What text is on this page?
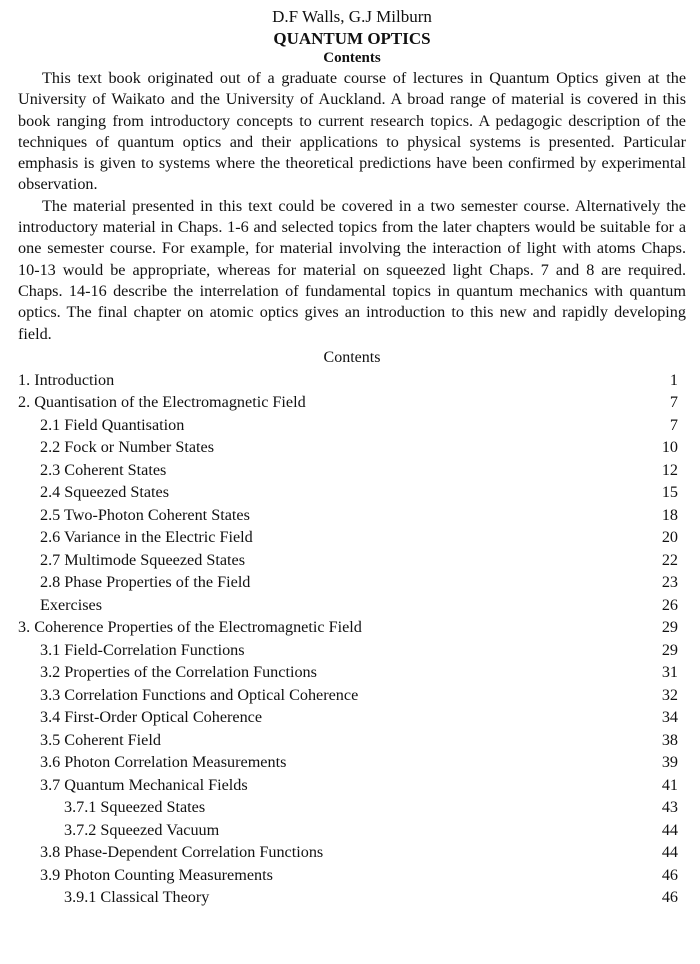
D.F Walls, G.J Milburn
QUANTUM OPTICS
Contents

This text book originated out of a graduate course of lectures in Quantum Optics given at the University of Waikato and the University of Auckland. A broad range of material is covered in this book ranging from introductory concepts to current research topics. A pedagogic description of the techniques of quantum optics and their applications to physical systems is presented. Particular emphasis is given to systems where the theoretical predictions have been confirmed by experimental observation.

The material presented in this text could be covered in a two semester course. Alternatively the introductory material in Chaps. 1-6 and selected topics from the later chapters would be suitable for a one semester course. For example, for material involving the interaction of light with atoms Chaps. 10-13 would be appropriate, whereas for material on squeezed light Chaps. 7 and 8 are required. Chaps. 14-16 describe the interrelation of fundamental topics in quantum mechanics with quantum optics. The final chapter on atomic optics gives an introduction to this new and rapidly developing field.

Contents
1. Introduction	1
2. Quantisation of the Electromagnetic Field	7
2.1 Field Quantisation	7
2.2 Fock or Number States	10
2.3 Coherent States	12
2.4 Squeezed States	15
2.5 Two-Photon Coherent States	18
2.6 Variance in the Electric Field	20
2.7 Multimode Squeezed States	22
2.8 Phase Properties of the Field	23
Exercises	26
3. Coherence Properties of the Electromagnetic Field	29
3.1 Field-Correlation Functions	29
3.2 Properties of the Correlation Functions	31
3.3 Correlation Functions and Optical Coherence	32
3.4 First-Order Optical Coherence	34
3.5 Coherent Field	38
3.6 Photon Correlation Measurements	39
3.7 Quantum Mechanical Fields	41
3.7.1 Squeezed States	43
3.7.2 Squeezed Vacuum	44
3.8 Phase-Dependent Correlation Functions	44
3.9 Photon Counting Measurements	46
3.9.1 Classical Theory	46
